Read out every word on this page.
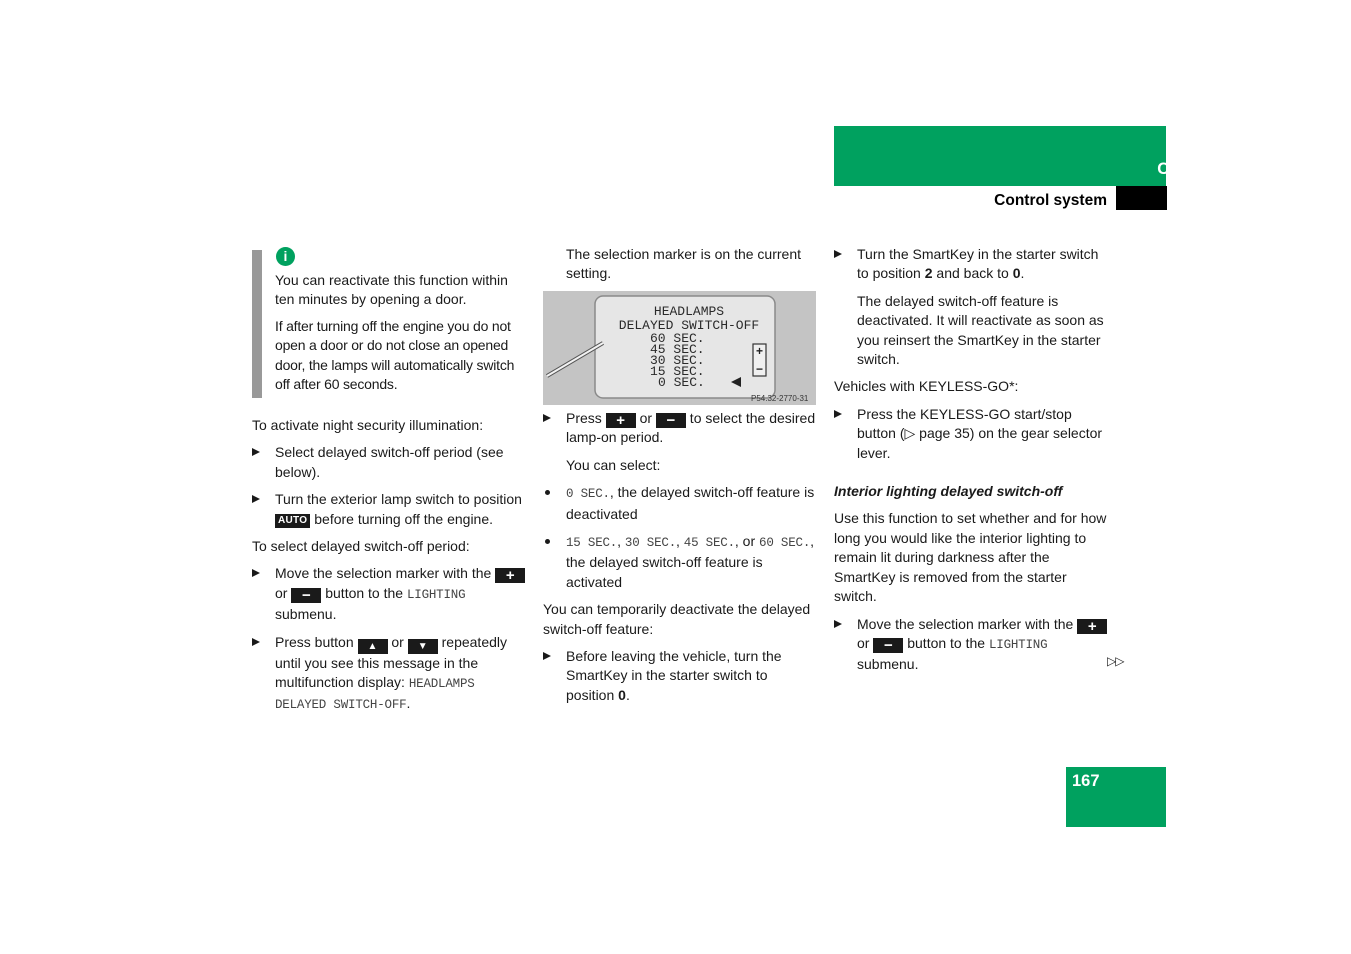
Controls in detail
Control system
i

You can reactivate this function within ten minutes by opening a door.

If after turning off the engine you do not open a door or do not close an opened door, the lamps will automatically switch off after 60 seconds.

To activate night security illumination:

Select delayed switch-off period (see below).
Turn the exterior lamp switch to position AUTO before turning off the engine.

To select delayed switch-off period:

Move the selection marker with the + or − button to the LIGHTING submenu.
Press button ▲ or ▼ repeatedly until you see this message in the multifunction display: HEADLAMPS DELAYED SWITCH-OFF.

The selection marker is on the current setting.

HEADLAMPS
DELAYED SWITCH-OFF
60 SEC.
45 SEC.
30 SEC.
15 SEC.
0 SEC.
+
−
P54.32-2770-31
Press + or − to select the desired lamp-on period.

You can select:

0 SEC., the delayed switch-off feature is deactivated
15 SEC., 30 SEC., 45 SEC., or 60 SEC., the delayed switch-off feature is activated

You can temporarily deactivate the delayed switch-off feature:

Before leaving the vehicle, turn the SmartKey in the starter switch to position 0.
Turn the SmartKey in the starter switch to position 2 and back to 0.

The delayed switch-off feature is deactivated. It will reactivate as soon as you reinsert the SmartKey in the starter switch.

Vehicles with KEYLESS-GO*:

Press the KEYLESS-GO start/stop button (▷ page 35) on the gear selector lever.

Interior lighting delayed switch-off

Use this function to set whether and for how long you would like the interior lighting to remain lit during darkness after the SmartKey is removed from the starter switch.

Move the selection marker with the + or − button to the LIGHTING submenu.	▷▷
167
